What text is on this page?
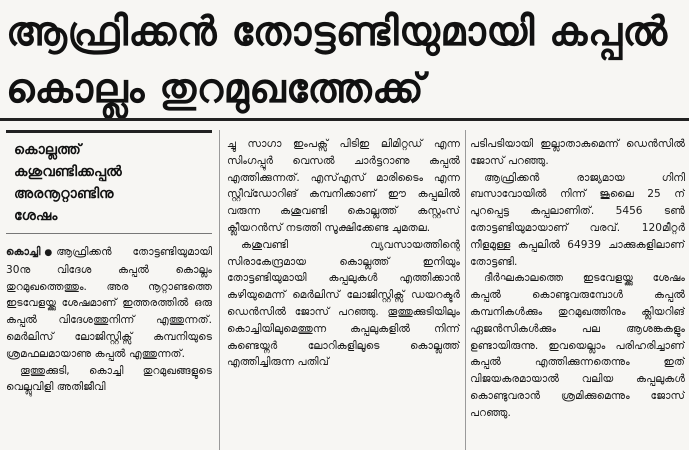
ആഫ്രിക്കൻ തോട്ടണ്ടിയുമായി കപ്പൽ
കൊല്ലം തുറമുഖത്തേക്ക്
കൊല്ലത്ത്
കശുവണ്ടിക്കപ്പൽ
അരനൂറ്റാണ്ടിനു
ശേഷം

കൊച്ചി ● ആഫ്രിക്കൻ തോട്ടണ്ടിയുമായി 30നു വിദേശ കപ്പൽ കൊല്ലം തുറമുഖത്തെത്തും. അര നൂറ്റാണ്ടത്തെ ഇടവേളയ്ക്കു ശേഷമാണ് ഇത്തരത്തിൽ ഒരു കപ്പൽ വിദേശത്തുനിന്ന് എത്തുന്നത്. മെർലിസ് ലോജിസ്റ്റിക്സ് കമ്പനിയുടെ ശ്രമഫലമായാണു കപ്പൽ എത്തുന്നത്.

തൂത്തുക്കുടി, കൊച്ചി തുറമുഖങ്ങളുടെ വെല്ലുവിളി അതിജീവി

ച്ചു സാഗാ ഇംപക്സ് പിടിഇ ലിമിറ്റഡ് എന്ന സിംഗപ്പൂർ വെസൽ ചാർട്ടറാണു കപ്പൽ എത്തിക്കുന്നത്. എസ്എസ് മാരിടൈം എന്ന സ്റ്റീവ്ഡോറിങ് കമ്പനിക്കാണ് ഈ കപ്പലിൽ വരുന്ന കശുവണ്ടി കൊല്ലത്ത് കസ്റ്റംസ് ക്ലീയറൻസ് നടത്തി സൂക്ഷിക്കേണ്ട ചുമതല.

കശുവണ്ടി വ്യവസായത്തിന്റെ സിരാകേന്ദ്രമായ കൊല്ലത്ത് ഇനിയും തോട്ടണ്ടിയുമായി കപ്പലുകൾ എത്തിക്കാൻ കഴിയുമെന്ന് മെർലിസ് ലോജിസ്റ്റിക്സ് ഡയറക്ടർ ഡെൻസിൽ ജോസ് പറഞ്ഞു. തൂത്തുക്കുടിയിലും കൊച്ചിയിലുമെത്തുന്ന കപ്പലുകളിൽ നിന്ന് കണ്ടെയ്നർ ലോറികളിലൂടെ കൊല്ലത്ത് എത്തിച്ചിരുന്ന പതിവ്

പടിപടിയായി ഇല്ലാതാകുമെന്ന് ഡെൻസിൽ ജോസ് പറഞ്ഞു.

ആഫ്രിക്കൻ രാജ്യമായ ഗിനി ബസാവോയിൽ നിന്ന് ജൂലൈ 25 ന് പുറപ്പെട്ട കപ്പലാണിത്. 5456 ടൺ തോട്ടണ്ടിയുമായാണ് വരവ്. 120മീറ്റർ നീളമുള്ള കപ്പലിൽ 64939 ചാക്കുകളിലാണ് തോട്ടണ്ടി.

ദീർഘകാലത്തെ ഇടവേളയ്ക്കു ശേഷം കപ്പൽ കൊണ്ടുവരുമ്പോൾ കപ്പൽ കമ്പനികൾക്കും തുറമുഖത്തിനും ക്ലിയറിങ് ഏജൻസികൾക്കും പല ആശങ്കകളും ഉണ്ടായിരുന്നു. ഇവയെല്ലാം പരിഹരിച്ചാണ് കപ്പൽ എത്തിക്കുന്നതെന്നും ഇത് വിജയകരമായാൽ വലിയ കപ്പലുകൾ കൊണ്ടുവരാൻ ശ്രമിക്കുമെന്നും ജോസ് പറഞ്ഞു.
